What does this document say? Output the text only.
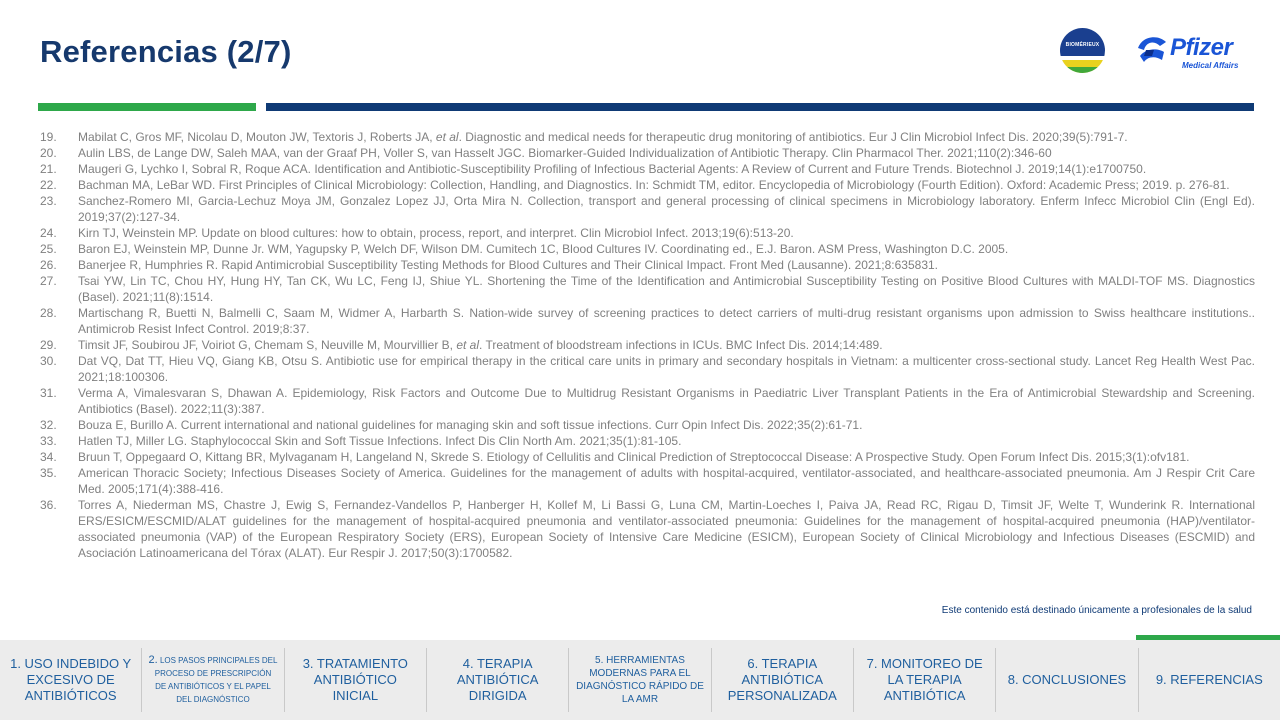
Referencias (2/7)	BIOMÉRIEUX	Pfizer
Medical Affairs
19.	Mabilat C, Gros MF, Nicolau D, Mouton JW, Textoris J, Roberts JA, et al. Diagnostic and medical needs for therapeutic drug monitoring of antibiotics. Eur J Clin Microbiol Infect Dis. 2020;39(5):791-7.
20.	Aulin LBS, de Lange DW, Saleh MAA, van der Graaf PH, Voller S, van Hasselt JGC. Biomarker-Guided Individualization of Antibiotic Therapy. Clin Pharmacol Ther. 2021;110(2):346-60
21.	Maugeri G, Lychko I, Sobral R, Roque ACA. Identification and Antibiotic-Susceptibility Profiling of Infectious Bacterial Agents: A Review of Current and Future Trends. Biotechnol J. 2019;14(1):e1700750.
22.	Bachman MA, LeBar WD. First Principles of Clinical Microbiology: Collection, Handling, and Diagnostics. In: Schmidt TM, editor. Encyclopedia of Microbiology (Fourth Edition). Oxford: Academic Press; 2019. p. 276-81.
23.	Sanchez-Romero MI, Garcia-Lechuz Moya JM, Gonzalez Lopez JJ, Orta Mira N. Collection, transport and general processing of clinical specimens in Microbiology laboratory. Enferm Infecc Microbiol Clin (Engl Ed). 2019;37(2):127-34.
24.	Kirn TJ, Weinstein MP. Update on blood cultures: how to obtain, process, report, and interpret. Clin Microbiol Infect. 2013;19(6):513-20.
25.	Baron EJ, Weinstein MP, Dunne Jr. WM, Yagupsky P, Welch DF, Wilson DM. Cumitech 1C, Blood Cultures IV. Coordinating ed., E.J. Baron. ASM Press, Washington D.C. 2005.
26.	Banerjee R, Humphries R. Rapid Antimicrobial Susceptibility Testing Methods for Blood Cultures and Their Clinical Impact. Front Med (Lausanne). 2021;8:635831.
27.	Tsai YW, Lin TC, Chou HY, Hung HY, Tan CK, Wu LC, Feng IJ, Shiue YL. Shortening the Time of the Identification and Antimicrobial Susceptibility Testing on Positive Blood Cultures with MALDI-TOF MS. Diagnostics (Basel). 2021;11(8):1514.
28.	Martischang R, Buetti N, Balmelli C, Saam M, Widmer A, Harbarth S. Nation-wide survey of screening practices to detect carriers of multi-drug resistant organisms upon admission to Swiss healthcare institutions.. Antimicrob Resist Infect Control. 2019;8:37.
29.	Timsit JF, Soubirou JF, Voiriot G, Chemam S, Neuville M, Mourvillier B, et al. Treatment of bloodstream infections in ICUs. BMC Infect Dis. 2014;14:489.
30.	Dat VQ, Dat TT, Hieu VQ, Giang KB, Otsu S. Antibiotic use for empirical therapy in the critical care units in primary and secondary hospitals in Vietnam: a multicenter cross-sectional study. Lancet Reg Health West Pac. 2021;18:100306.
31.	Verma A, Vimalesvaran S, Dhawan A. Epidemiology, Risk Factors and Outcome Due to Multidrug Resistant Organisms in Paediatric Liver Transplant Patients in the Era of Antimicrobial Stewardship and Screening. Antibiotics (Basel). 2022;11(3):387.
32.	Bouza E, Burillo A. Current international and national guidelines for managing skin and soft tissue infections. Curr Opin Infect Dis. 2022;35(2):61-71.
33.	Hatlen TJ, Miller LG. Staphylococcal Skin and Soft Tissue Infections. Infect Dis Clin North Am. 2021;35(1):81-105.
34.	Bruun T, Oppegaard O, Kittang BR, Mylvaganam H, Langeland N, Skrede S. Etiology of Cellulitis and Clinical Prediction of Streptococcal Disease: A Prospective Study. Open Forum Infect Dis. 2015;3(1):ofv181.
35.	American Thoracic Society; Infectious Diseases Society of America. Guidelines for the management of adults with hospital-acquired, ventilator-associated, and healthcare-associated pneumonia. Am J Respir Crit Care Med. 2005;171(4):388-416.
36.	Torres A, Niederman MS, Chastre J, Ewig S, Fernandez-Vandellos P, Hanberger H, Kollef M, Li Bassi G, Luna CM, Martin-Loeches I, Paiva JA, Read RC, Rigau D, Timsit JF, Welte T, Wunderink R. International ERS/ESICM/ESCMID/ALAT guidelines for the management of hospital-acquired pneumonia and ventilator-associated pneumonia: Guidelines for the management of hospital-acquired pneumonia (HAP)/ventilator-associated pneumonia (VAP) of the European Respiratory Society (ERS), European Society of Intensive Care Medicine (ESICM), European Society of Clinical Microbiology and Infectious Diseases (ESCMID) and Asociación Latinoamericana del Tórax (ALAT). Eur Respir J. 2017;50(3):1700582.
Este contenido está destinado únicamente a profesionales de la salud
1. USO INDEBIDO Y EXCESIVO DE ANTIBIÓTICOS
2. LOS PASOS PRINCIPALES DEL PROCESO DE PRESCRIPCIÓN DE ANTIBIÓTICOS Y EL PAPEL DEL DIAGNÓSTICO
3. TRATAMIENTO ANTIBIÓTICO INICIAL
4. TERAPIA ANTIBIÓTICA DIRIGIDA
5. HERRAMIENTAS MODERNAS PARA EL DIAGNÓSTICO RÁPIDO DE LA AMR
6. TERAPIA ANTIBIÓTICA PERSONALIZADA
7. MONITOREO DE LA TERAPIA ANTIBIÓTICA
8. CONCLUSIONES	9. REFERENCIAS
